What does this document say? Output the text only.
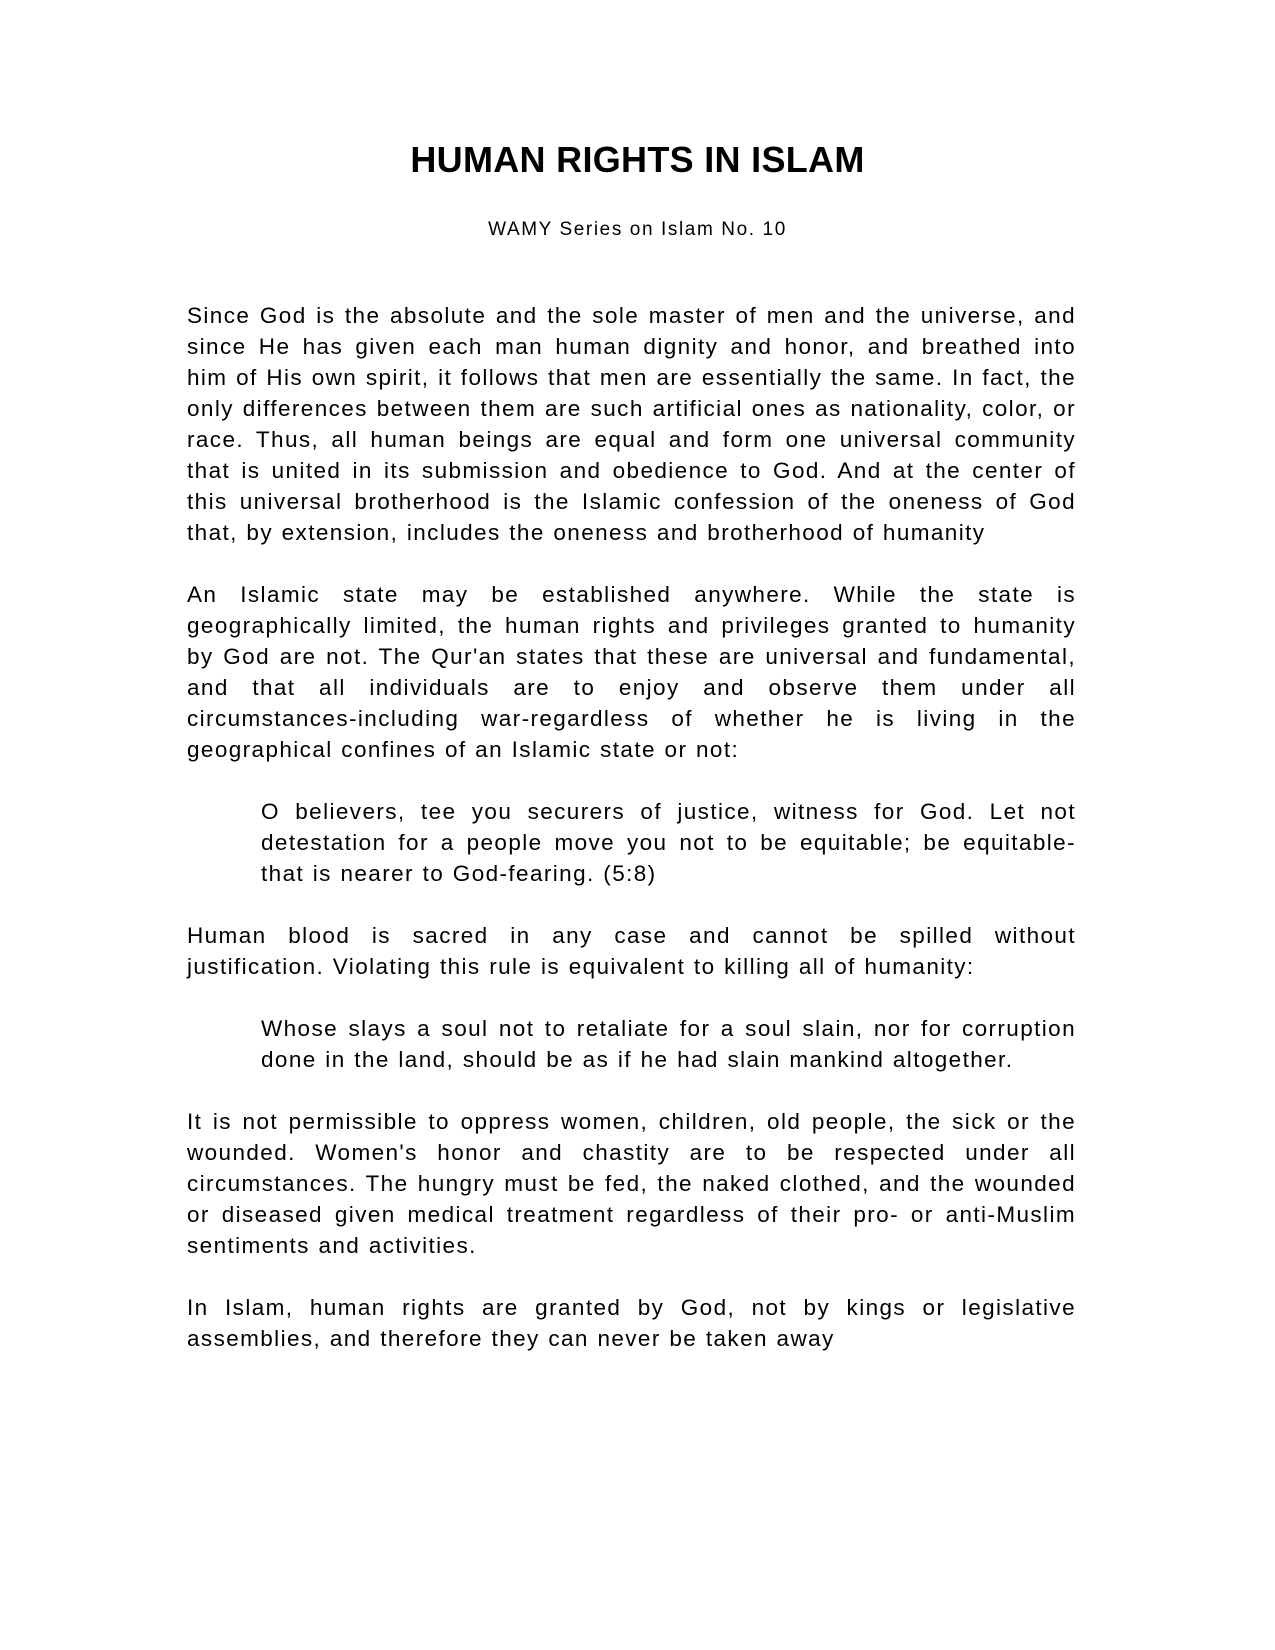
HUMAN RIGHTS IN ISLAM

WAMY Series on Islam No. 10

Since God is the absolute and the sole master of men and the universe, and since He has given each man human dignity and honor, and breathed into him of His own spirit, it follows that men are essentially the same. In fact, the only differences between them are such artificial ones as nationality, color, or race. Thus, all human beings are equal and form one universal community that is united in its submission and obedience to God. And at the center of this universal brotherhood is the Islamic confession of the oneness of God that, by extension, includes the oneness and brotherhood of humanity

An Islamic state may be established anywhere. While the state is geographically limited, the human rights and privileges granted to humanity by God are not. The Qur'an states that these are universal and fundamental, and that all individuals are to enjoy and observe them under all circumstances-including war-regardless of whether he is living in the geographical confines of an Islamic state or not:

O believers, tee you securers of justice, witness for God. Let not detestation for a people move you not to be equitable; be equitable-that is nearer to God-fearing. (5:8)

Human blood is sacred in any case and cannot be spilled without justification. Violating this rule is equivalent to killing all of humanity:

Whose slays a soul not to retaliate for a soul slain, nor for corruption done in the land, should be as if he had slain mankind altogether.

It is not permissible to oppress women, children, old people, the sick or the wounded. Women's honor and chastity are to be respected under all circumstances. The hungry must be fed, the naked clothed, and the wounded or diseased given medical treatment regardless of their pro- or anti-Muslim sentiments and activities.

In Islam, human rights are granted by God, not by kings or legislative assemblies, and therefore they can never be taken away
